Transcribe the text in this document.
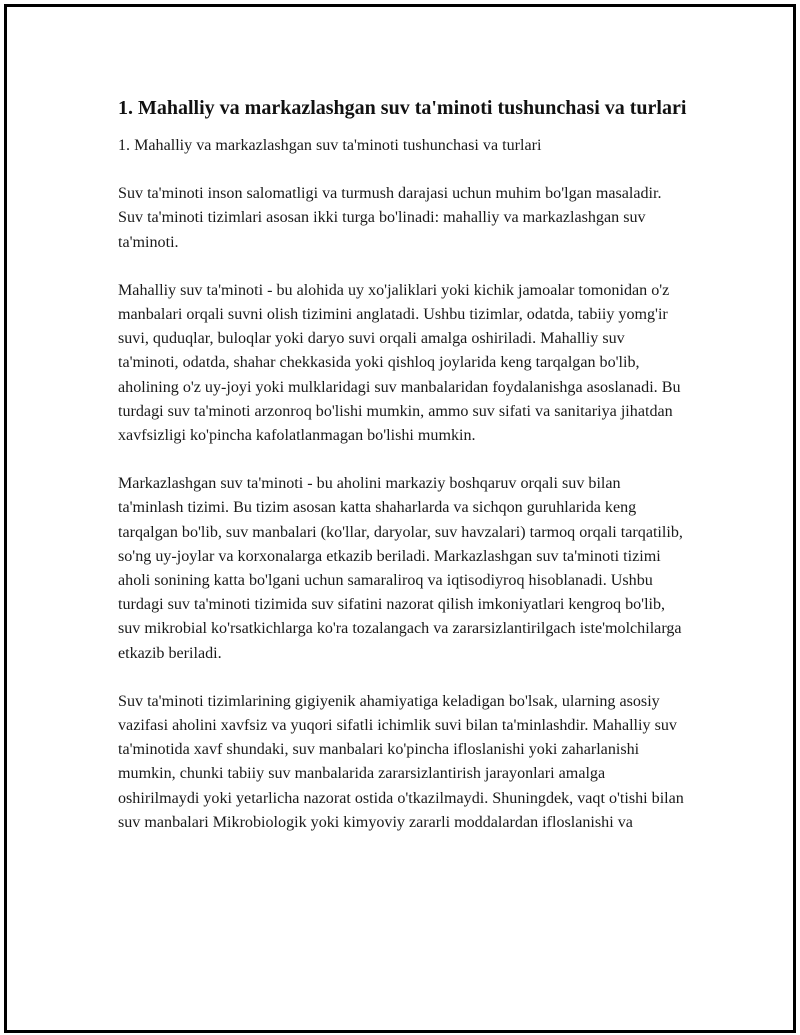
1. Mahalliy va markazlashgan suv ta'minoti tushunchasi va turlari

1. Mahalliy va markazlashgan suv ta'minoti tushunchasi va turlari

Suv ta'minoti inson salomatligi va turmush darajasi uchun muhim bo'lgan masaladir. Suv ta'minoti tizimlari asosan ikki turga bo'linadi: mahalliy va markazlashgan suv ta'minoti.

Mahalliy suv ta'minoti - bu alohida uy xo'jaliklari yoki kichik jamoalar tomonidan o'z manbalari orqali suvni olish tizimini anglatadi. Ushbu tizimlar, odatda, tabiiy yomg'ir suvi, quduqlar, buloqlar yoki daryo suvi orqali amalga oshiriladi. Mahalliy suv ta'minoti, odatda, shahar chekkasida yoki qishloq joylarida keng tarqalgan bo'lib, aholining o'z uy-joyi yoki mulklaridagi suv manbalaridan foydalanishga asoslanadi. Bu turdagi suv ta'minoti arzonroq bo'lishi mumkin, ammo suv sifati va sanitariya jihatdan xavfsizligi ko'pincha kafolatlanmagan bo'lishi mumkin.

Markazlashgan suv ta'minoti - bu aholini markaziy boshqaruv orqali suv bilan ta'minlash tizimi. Bu tizim asosan katta shaharlarda va sichqon guruhlarida keng tarqalgan bo'lib, suv manbalari (ko'llar, daryolar, suv havzalari) tarmoq orqali tarqatilib, so'ng uy-joylar va korxonalarga etkazib beriladi. Markazlashgan suv ta'minoti tizimi aholi sonining katta bo'lgani uchun samaraliroq va iqtisodiyroq hisoblanadi. Ushbu turdagi suv ta'minoti tizimida suv sifatini nazorat qilish imkoniyatlari kengroq bo'lib, suv mikrobial ko'rsatkichlarga ko'ra tozalangach va zararsizlantirilgach iste'molchilarga etkazib beriladi.

Suv ta'minoti tizimlarining gigiyenik ahamiyatiga keladigan bo'lsak, ularning asosiy vazifasi aholini xavfsiz va yuqori sifatli ichimlik suvi bilan ta'minlashdir. Mahalliy suv ta'minotida xavf shundaki, suv manbalari ko'pincha ifloslanishi yoki zaharlanishi mumkin, chunki tabiiy suv manbalarida zararsizlantirish jarayonlari amalga oshirilmaydi yoki yetarlicha nazorat ostida o'tkazilmaydi. Shuningdek, vaqt o'tishi bilan suv manbalari Mikrobiologik yoki kimyoviy zararli moddalardan ifloslanishi va
